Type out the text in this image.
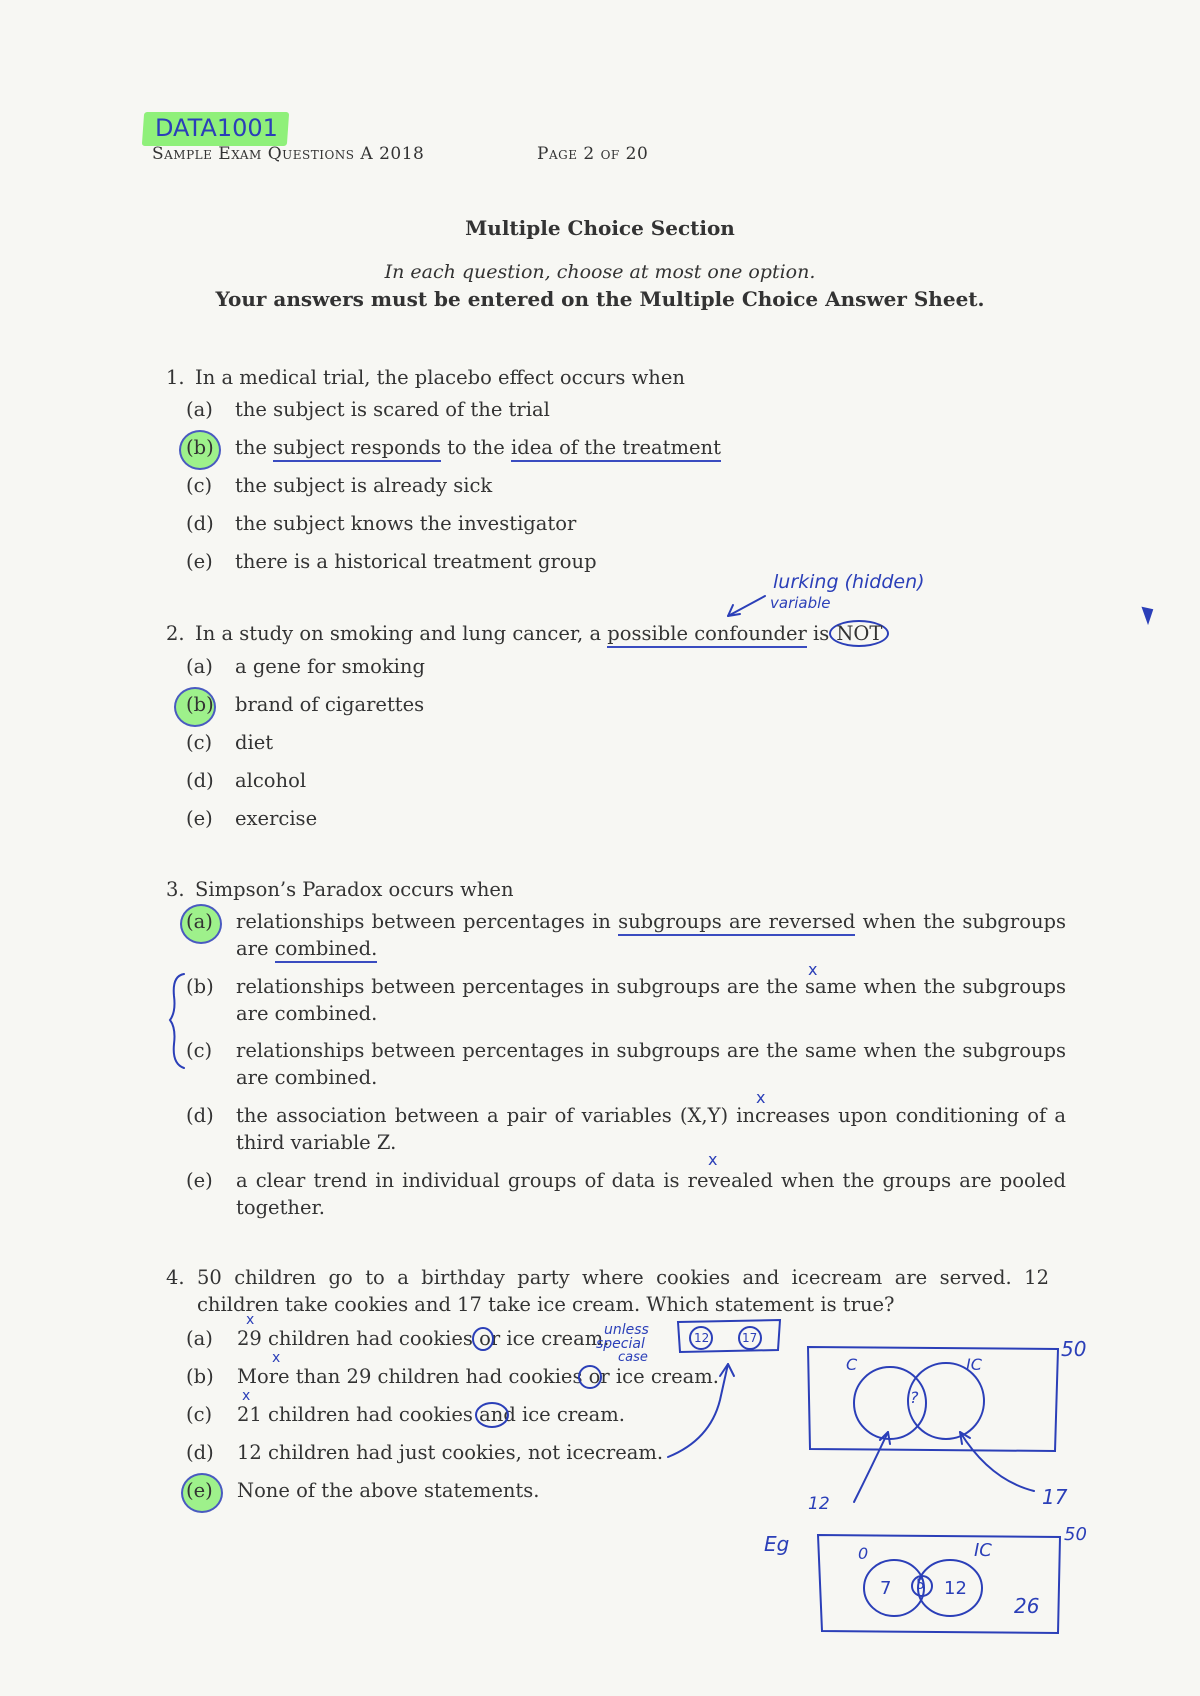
DATA1001
Sample Exam Questions A 2018	Page 2 of 20
Multiple Choice Section
In each question, choose at most one option.
Your answers must be entered on the Multiple Choice Answer Sheet.
1. In a medical trial, the placebo effect occurs when
(a) the subject is scared of the trial
(b) the subject responds to the idea of the treatment
(c) the subject is already sick
(d) the subject knows the investigator
(e) there is a historical treatment group
2. In a study on smoking and lung cancer, a possible confounder is NOT
lurking (hidden)
variable
(a) a gene for smoking
(b) brand of cigarettes
(c) diet
(d) alcohol
(e) exercise
3. Simpson’s Paradox occurs when
(a) relationships between percentages in subgroups are reversed when the subgroups are combined.
(b) relationships between percentages in subgroups are the same when the subgroups are combined.
(c) relationships between percentages in subgroups are the same when the subgroups are combined.
(d) the association between a pair of variables (X,Y) increases upon conditioning of a third variable Z.
(e) a clear trend in individual groups of data is revealed when the groups are pooled together.
4. 50 children go to a birthday party where cookies and icecream are served. 12 children take cookies and 17 take ice cream. Which statement is true?
(a) 29 children had cookies or ice cream.
(b) More than 29 children had cookies or ice cream.
(c) 21 children had cookies and ice cream.
(d) 12 children had just cookies, not icecream.
(e) None of the above statements.
unless
special
case
12	17	50
C	IC
?
12	17
Eg	50
0	IC
7 5 12
26
x
x
x
x
x
x
